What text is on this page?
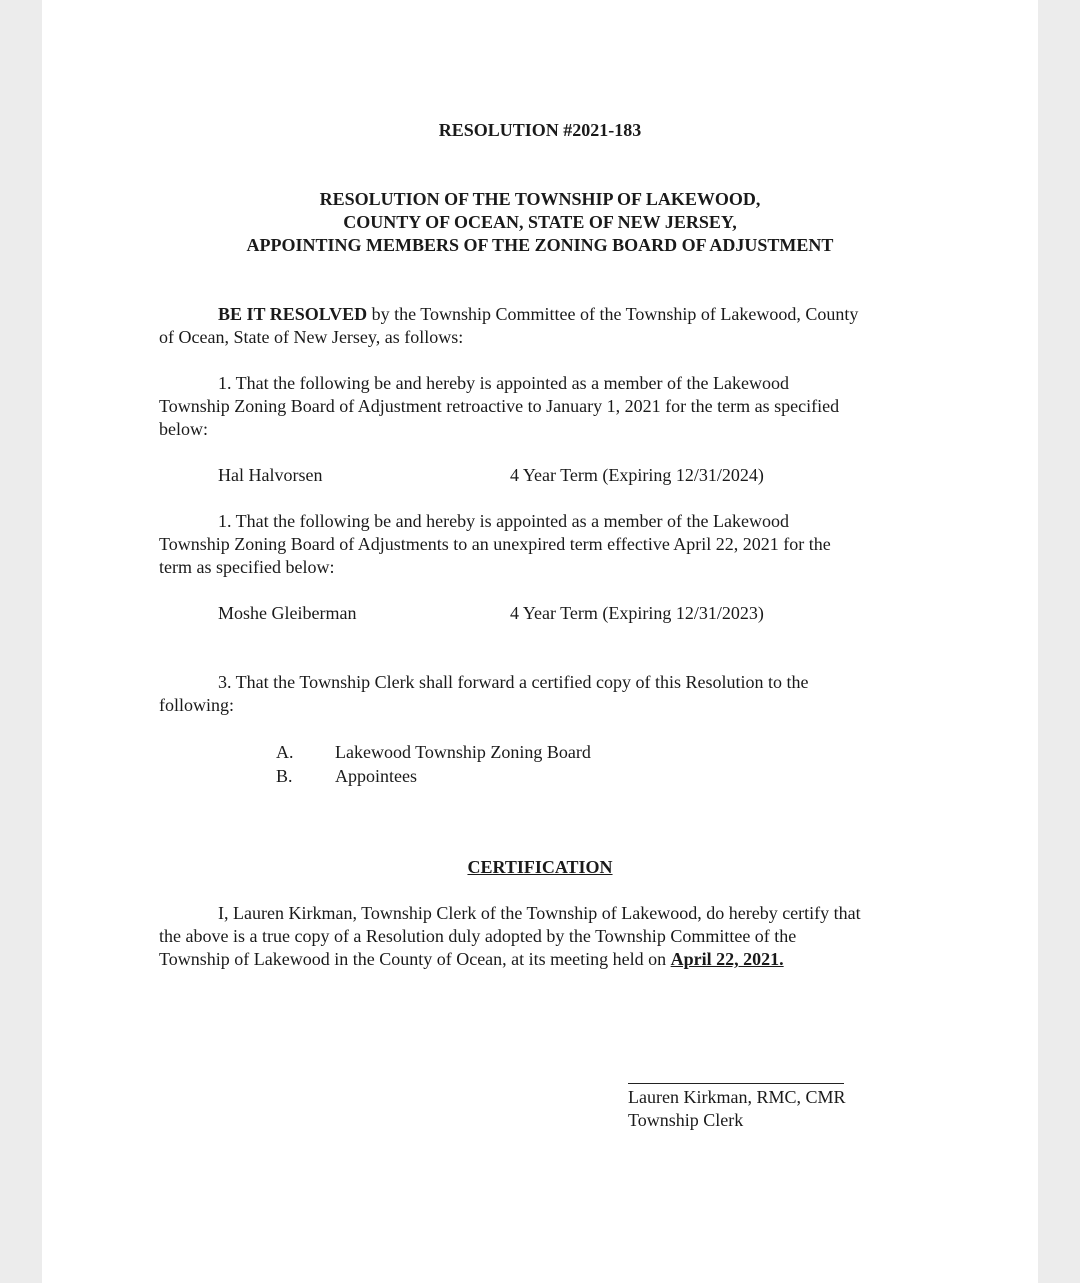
RESOLUTION #2021-183
RESOLUTION OF THE TOWNSHIP OF LAKEWOOD,
COUNTY OF OCEAN, STATE OF NEW JERSEY,
APPOINTING MEMBERS OF THE ZONING BOARD OF ADJUSTMENT
BE IT RESOLVED by the Township Committee of the Township of Lakewood, County
of Ocean, State of New Jersey, as follows:
1. That the following be and hereby is appointed as a member of the Lakewood
Township Zoning Board of Adjustment retroactive to January 1, 2021 for the term as specified
below:
Hal Halvorsen	4 Year Term (Expiring 12/31/2024)
1. That the following be and hereby is appointed as a member of the Lakewood
Township Zoning Board of Adjustments to an unexpired term effective April 22, 2021 for the
term as specified below:
Moshe Gleiberman	4 Year Term (Expiring 12/31/2023)
3. That the Township Clerk shall forward a certified copy of this Resolution to the
following:
A. Lakewood Township Zoning Board
B. Appointees
CERTIFICATION
I, Lauren Kirkman, Township Clerk of the Township of Lakewood, do hereby certify that
the above is a true copy of a Resolution duly adopted by the Township Committee of the
Township of Lakewood in the County of Ocean, at its meeting held on April 22, 2021.
Lauren Kirkman, RMC, CMR
Township Clerk
